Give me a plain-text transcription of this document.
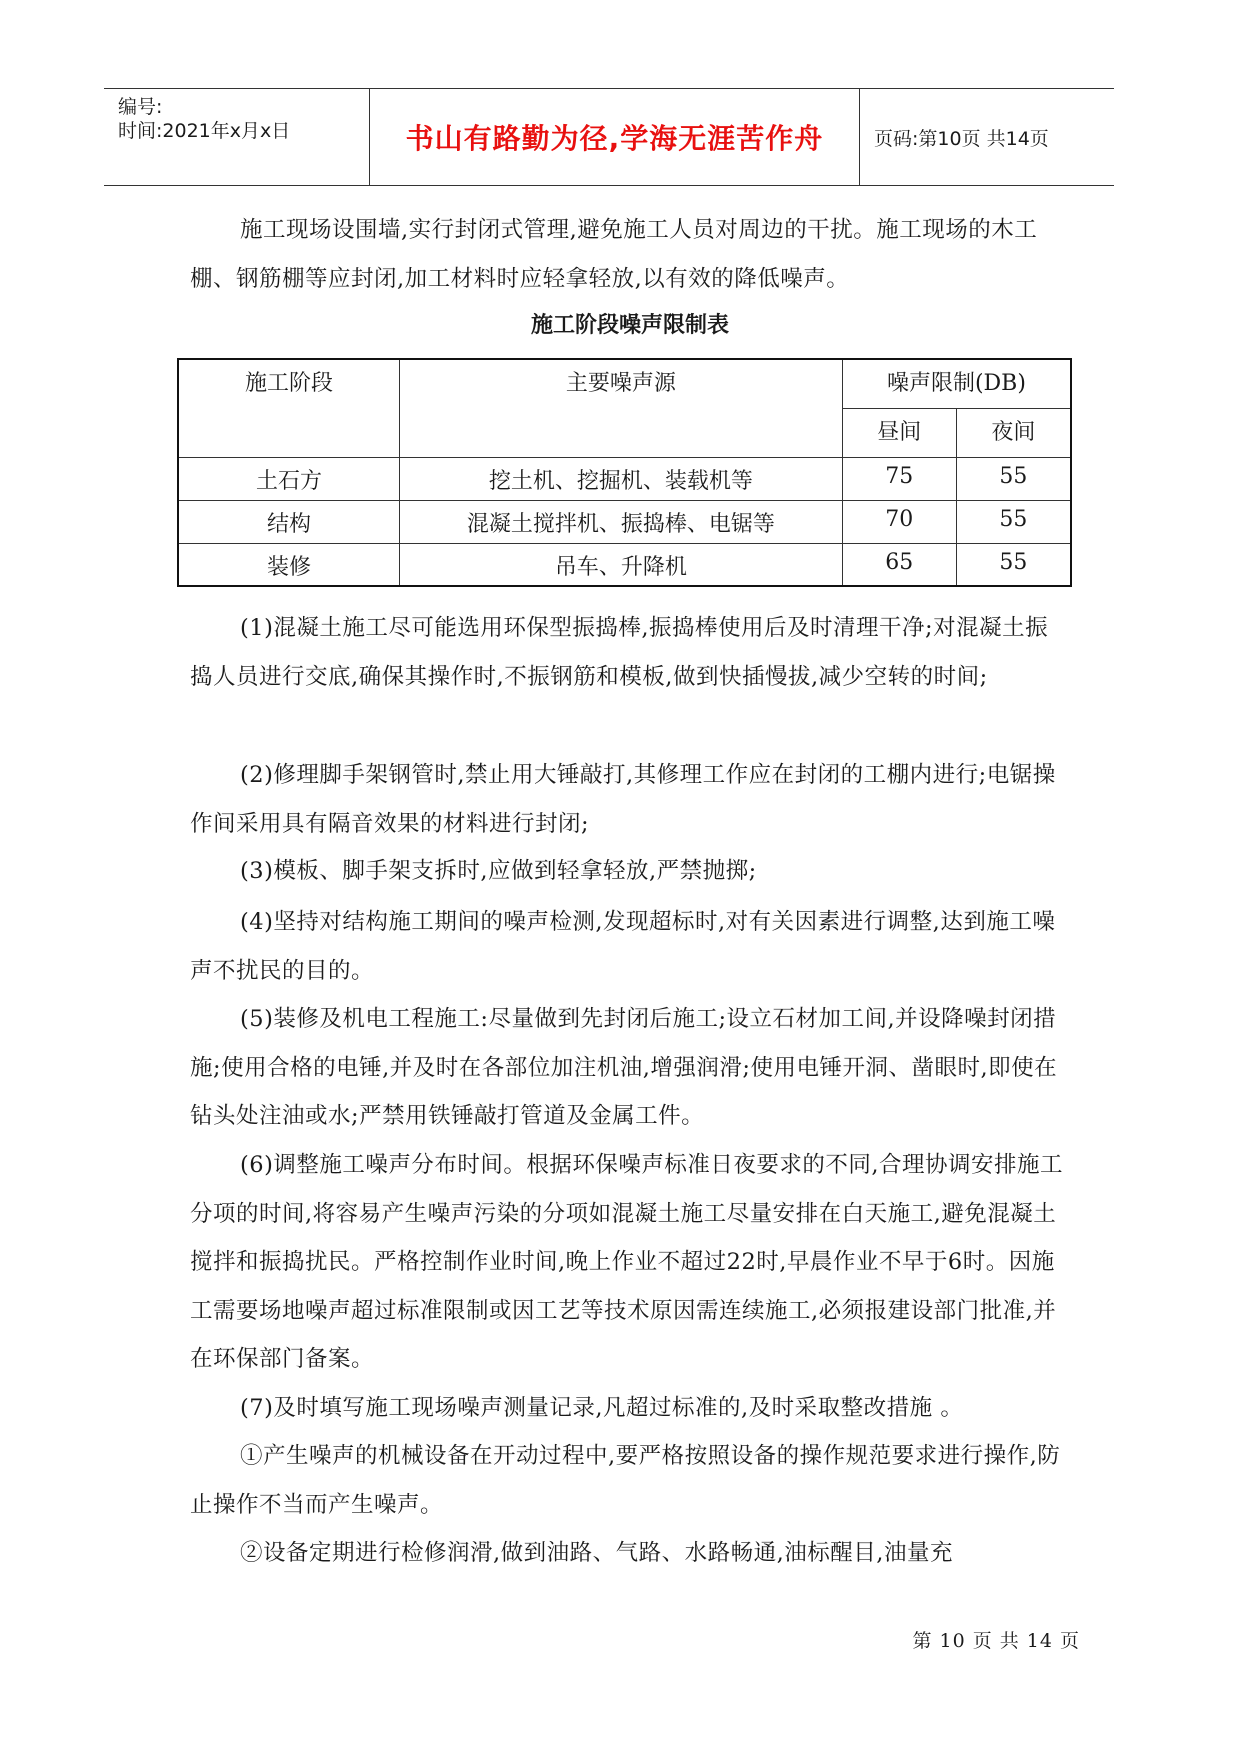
编号:
时间:2021年x月x日	书山有路勤为径,学海无涯苦作舟	页码:第10页 共14页
施工现场设围墙,实行封闭式管理,避免施工人员对周边的干扰。施工现场的木工棚、钢筋棚等应封闭,加工材料时应轻拿轻放,以有效的降低噪声。
施工阶段噪声限制表
施工阶段	主要噪声源	噪声限制(DB)	
		昼间	夜间
土石方	挖土机、挖掘机、装载机等	75	55
结构	混凝土搅拌机、振捣棒、电锯等	70	55
装修	吊车、升降机	65	55
(1)混凝土施工尽可能选用环保型振捣棒,振捣棒使用后及时清理干净;对混凝土振捣人员进行交底,确保其操作时,不振钢筋和模板,做到快插慢拔,减少空转的时间;
(2)修理脚手架钢管时,禁止用大锤敲打,其修理工作应在封闭的工棚内进行;电锯操作间采用具有隔音效果的材料进行封闭;
(3)模板、脚手架支拆时,应做到轻拿轻放,严禁抛掷;
(4)坚持对结构施工期间的噪声检测,发现超标时,对有关因素进行调整,达到施工噪声不扰民的目的。
(5)装修及机电工程施工:尽量做到先封闭后施工;设立石材加工间,并设降噪封闭措施;使用合格的电锤,并及时在各部位加注机油,增强润滑;使用电锤开洞、凿眼时,即使在钻头处注油或水;严禁用铁锤敲打管道及金属工件。
(6)调整施工噪声分布时间。根据环保噪声标准日夜要求的不同,合理协调安排施工分项的时间,将容易产生噪声污染的分项如混凝土施工尽量安排在白天施工,避免混凝土搅拌和振捣扰民。严格控制作业时间,晚上作业不超过22时,早晨作业不早于6时。因施工需要场地噪声超过标准限制或因工艺等技术原因需连续施工,必须报建设部门批准,并在环保部门备案。
(7)及时填写施工现场噪声测量记录,凡超过标准的,及时采取整改措施 。
①产生噪声的机械设备在开动过程中,要严格按照设备的操作规范要求进行操作,防止操作不当而产生噪声。
②设备定期进行检修润滑,做到油路、气路、水路畅通,油标醒目,油量充
第 10 页 共 14 页
